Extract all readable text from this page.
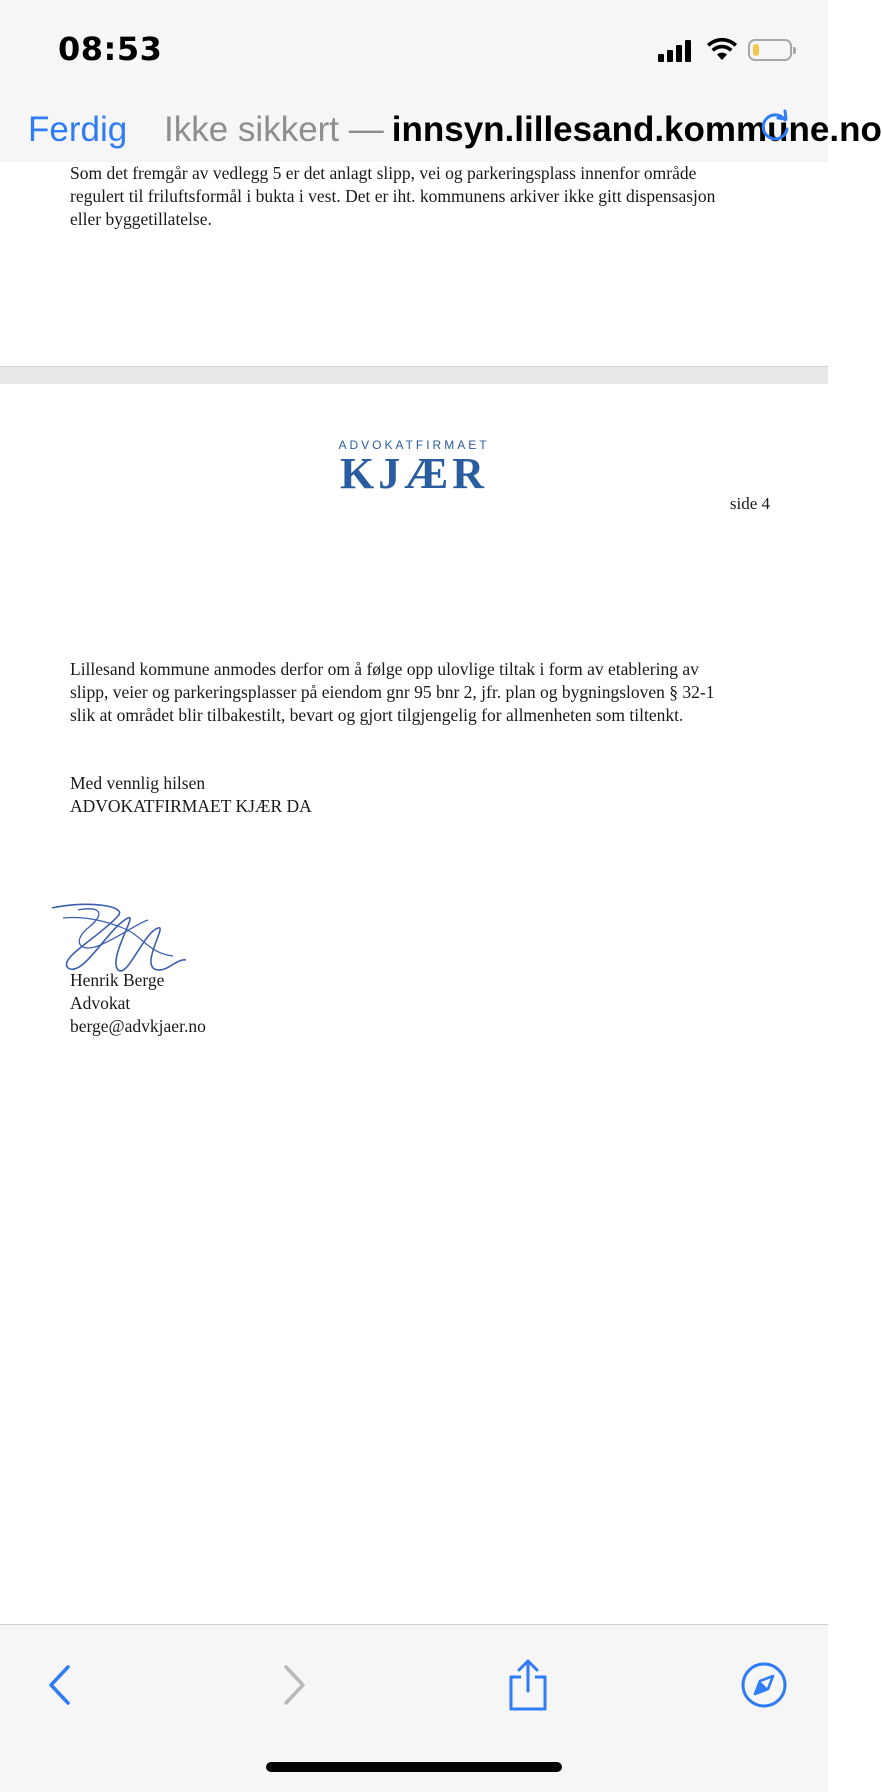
08:53
Ferdig Ikke sikkert — innsyn.lillesand.kommune.no
Som det fremgår av vedlegg 5 er det anlagt slipp, vei og parkeringsplass innenfor område
regulert til friluftsformål i bukta i vest. Det er iht. kommunens arkiver ikke gitt dispensasjon
eller byggetillatelse.
ADVOKATFIRMAET
KJÆR
side 4
Lillesand kommune anmodes derfor om å følge opp ulovlige tiltak i form av etablering av
slipp, veier og parkeringsplasser på eiendom gnr 95 bnr 2, jfr. plan og bygningsloven § 32-1
slik at området blir tilbakestilt, bevart og gjort tilgjengelig for allmenheten som tiltenkt.
Med vennlig hilsen
ADVOKATFIRMAET KJÆR DA
Henrik Berge
Advokat
berge@advkjaer.no
